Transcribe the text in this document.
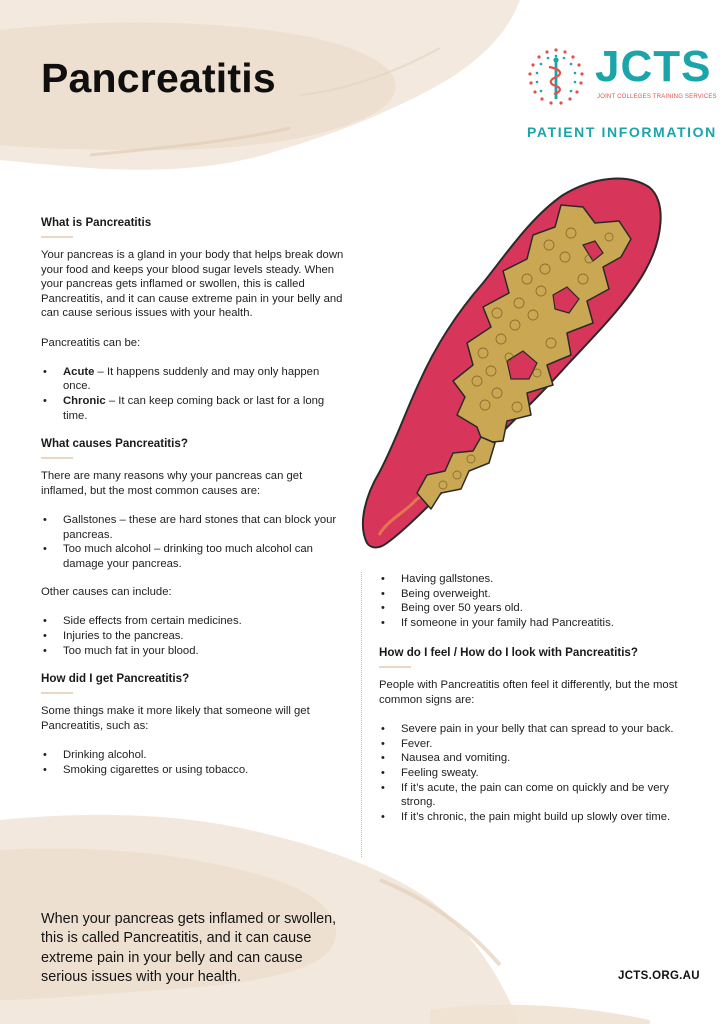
Pancreatitis	JCTS
JOINT COLLEGES TRAINING SERVICES
PATIENT INFORMATION
What is Pancreatitis

Your pancreas is a gland in your body that helps break down your food and keeps your blood sugar levels steady. When your pancreas gets inflamed or swollen, this is called Pancreatitis, and it can cause extreme pain in your belly and can cause serious issues with your health.

Pancreatitis can be:

• Acute – It happens suddenly and may only happen once.
• Chronic – It can keep coming back or last for a long time.
What causes Pancreatitis?

There are many reasons why your pancreas can get inflamed, but the most common causes are:

• Gallstones – these are hard stones that can block your pancreas.
• Too much alcohol – drinking too much alcohol can damage your pancreas.

Other causes can include:

• Side effects from certain medicines.
• Injuries to the pancreas.
• Too much fat in your blood.
How did I get Pancreatitis?

Some things make it more likely that someone will get Pancreatitis, such as:

• Drinking alcohol.
• Smoking cigarettes or using tobacco.
• Having gallstones.
• Being overweight.
• Being over 50 years old.
• If someone in your family had Pancreatitis.
How do I feel / How do I look with Pancreatitis?

People with Pancreatitis often feel it differently, but the most common signs are:

• Severe pain in your belly that can spread to your back.
• Fever.
• Nausea and vomiting.
• Feeling sweaty.
• If it’s acute, the pain can come on quickly and be very strong.
• If it’s chronic, the pain might build up slowly over time.

When your pancreas gets inflamed or swollen, this is called Pancreatitis, and it can cause extreme pain in your belly and can cause serious issues with your health.	JCTS.ORG.AU
